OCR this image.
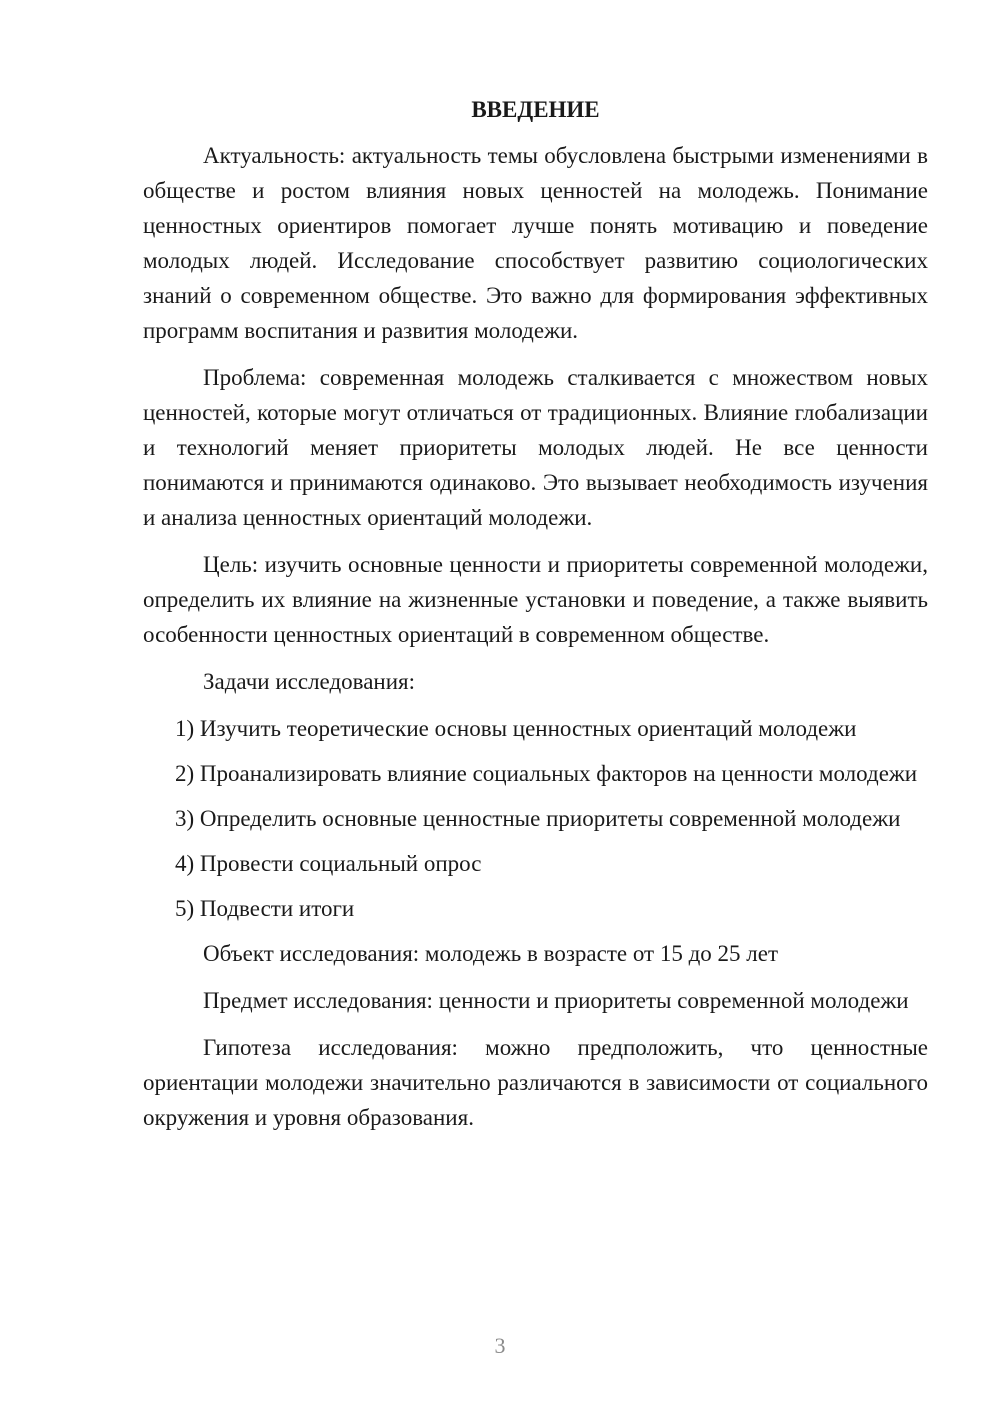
ВВЕДЕНИЕ

Актуальность: актуальность темы обусловлена быстрыми изменениями в обществе и ростом влияния новых ценностей на молодежь. Понимание ценностных ориентиров помогает лучше понять мотивацию и поведение молодых людей. Исследование способствует развитию социологических знаний о современном обществе. Это важно для формирования эффективных программ воспитания и развития молодежи.

Проблема: современная молодежь сталкивается с множеством новых ценностей, которые могут отличаться от традиционных. Влияние глобализации и технологий меняет приоритеты молодых людей. Не все ценности понимаются и принимаются одинаково. Это вызывает необходимость изучения и анализа ценностных ориентаций молодежи.

Цель: изучить основные ценности и приоритеты современной молодежи, определить их влияние на жизненные установки и поведение, а также выявить особенности ценностных ориентаций в современном обществе.

Задачи исследования:

1) Изучить теоретические основы ценностных ориентаций молодежи

2) Проанализировать влияние социальных факторов на ценности молодежи

3) Определить основные ценностные приоритеты современной молодежи

4) Провести социальный опрос

5) Подвести итоги

Объект исследования: молодежь в возрасте от 15 до 25 лет

Предмет исследования: ценности и приоритеты современной молодежи

Гипотеза исследования: можно предположить, что ценностные ориентации молодежи значительно различаются в зависимости от социального окружения и уровня образования.

3
